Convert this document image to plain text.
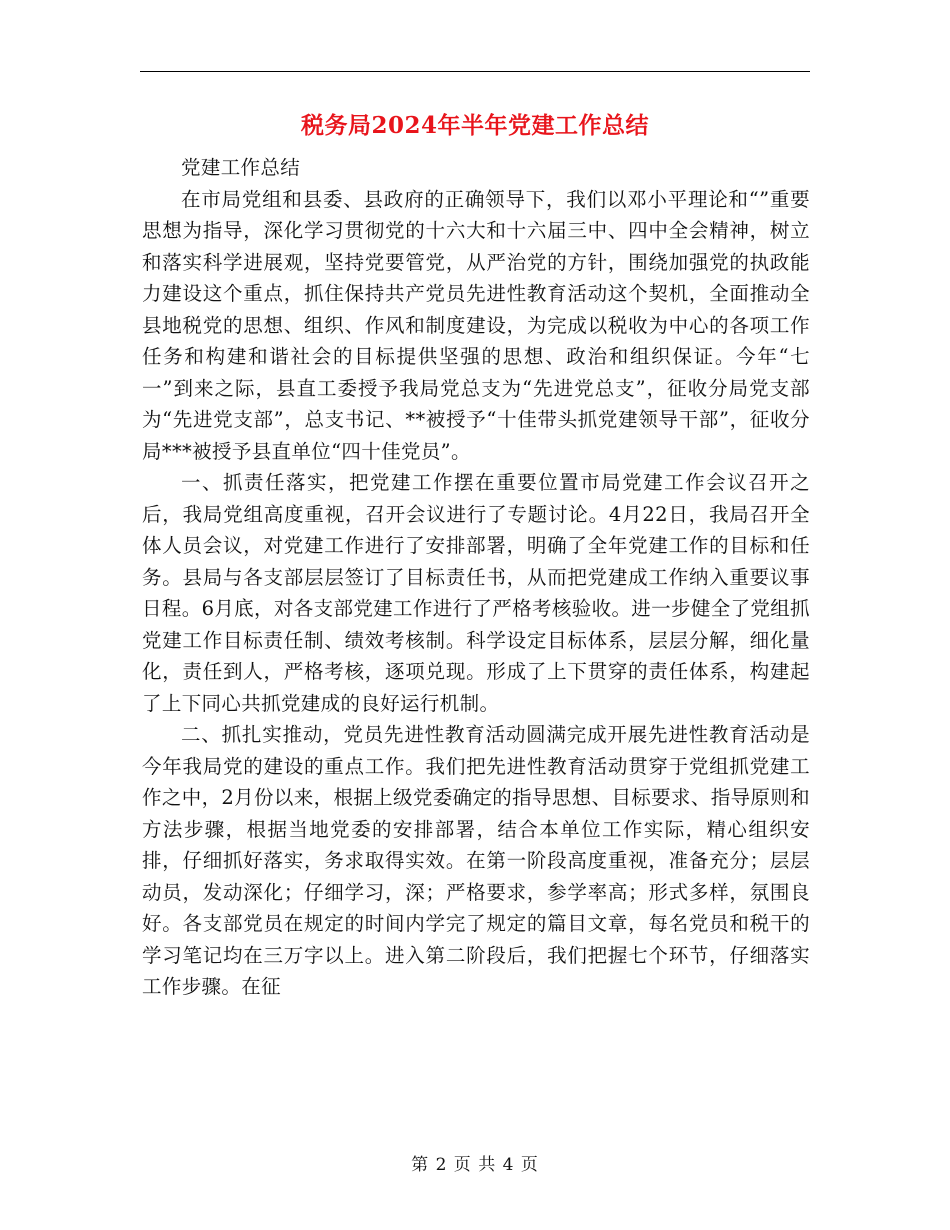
税务局2024年半年党建工作总结

党建工作总结

在市局党组和县委、县政府的正确领导下，我们以邓小平理论和“”重要思想为指导，深化学习贯彻党的十六大和十六届三中、四中全会精神，树立和落实科学进展观，坚持党要管党，从严治党的方针，围绕加强党的执政能力建设这个重点，抓住保持共产党员先进性教育活动这个契机，全面推动全县地税党的思想、组织、作风和制度建设，为完成以税收为中心的各项工作任务和构建和谐社会的目标提供坚强的思想、政治和组织保证。今年“七一”到来之际，县直工委授予我局党总支为“先进党总支”，征收分局党支部为“先进党支部”，总支书记、**被授予“十佳带头抓党建领导干部”，征收分局***被授予县直单位“四十佳党员”。

一、抓责任落实，把党建工作摆在重要位置市局党建工作会议召开之后，我局党组高度重视，召开会议进行了专题讨论。4月22日，我局召开全体人员会议，对党建工作进行了安排部署，明确了全年党建工作的目标和任务。县局与各支部层层签订了目标责任书，从而把党建成工作纳入重要议事日程。6月底，对各支部党建工作进行了严格考核验收。进一步健全了党组抓党建工作目标责任制、绩效考核制。科学设定目标体系，层层分解，细化量化，责任到人，严格考核，逐项兑现。形成了上下贯穿的责任体系，构建起了上下同心共抓党建成的良好运行机制。

二、抓扎实推动，党员先进性教育活动圆满完成开展先进性教育活动是今年我局党的建设的重点工作。我们把先进性教育活动贯穿于党组抓党建工作之中，2月份以来，根据上级党委确定的指导思想、目标要求、指导原则和方法步骤，根据当地党委的安排部署，结合本单位工作实际，精心组织安排，仔细抓好落实，务求取得实效。在第一阶段高度重视，准备充分；层层动员，发动深化；仔细学习，深；严格要求，参学率高；形式多样，氛围良好。各支部党员在规定的时间内学完了规定的篇目文章，每名党员和税干的学习笔记均在三万字以上。进入第二阶段后，我们把握七个环节，仔细落实工作步骤。在征

第 2 页 共 4 页
